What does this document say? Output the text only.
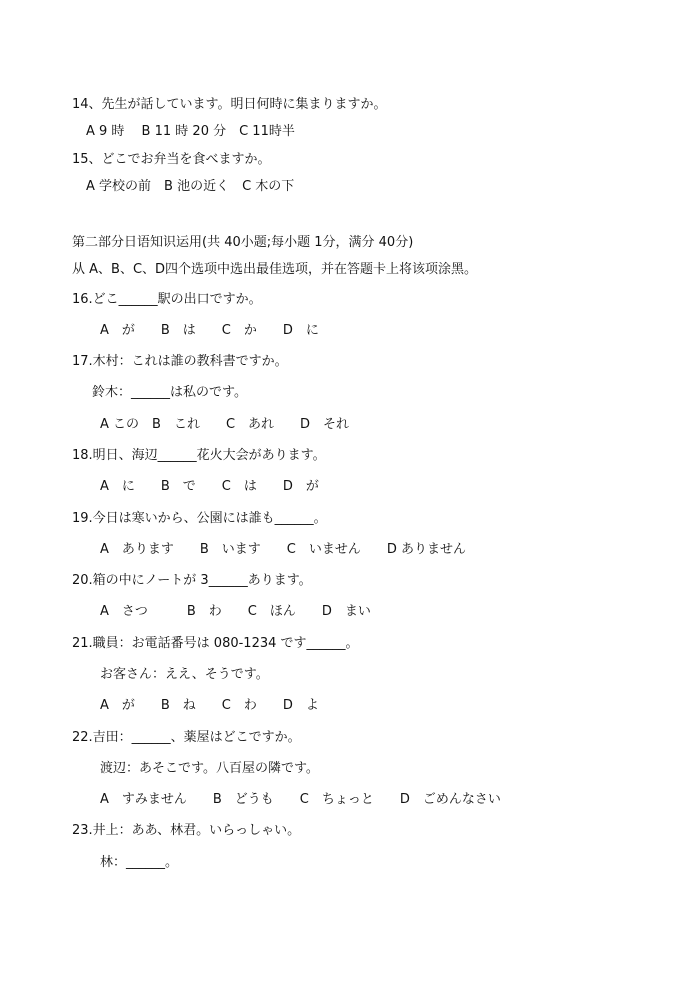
14、先生が話しています。明日何時に集まりますか。
A 9 時　 B 11 時 20 分　C 11時半
15、どこでお弁当を食べますか。
A 学校の前　B 池の近く　C 木の下
第二部分日语知识运用(共 40小题;每小题 1分，满分 40分)
从 A、B、C、D四个选项中选出最佳选项，并在答题卡上将该项涂黑。
16.どこ______駅の出口ですか。
A　が　　B　は　　C　か　　D　に
17.木村：これは誰の教科書ですか。
鈴木：______は私のです。
A この　B　これ　　C　あれ　　D　それ
18.明日、海辺______花火大会があります。
A　に　　B　で　　C　は　　D　が
19.今日は寒いから、公園には誰も______。
A　あります　　B　います　　C　いません　　D ありません
20.箱の中にノートが 3______あります。
A　さつ　　　B　わ　　C　ほん　　D　まい
21.職員：お電話番号は 080-1234 です______。
お客さん：ええ、そうです。
A　が　　B　ね　　C　わ　　D　よ
22.吉田：______、薬屋はどこですか。
渡辺：あそこです。八百屋の隣です。
A　すみません　　B　どうも　　C　ちょっと　　D　ごめんなさい
23.井上：ああ、林君。いらっしゃい。
林：______。
